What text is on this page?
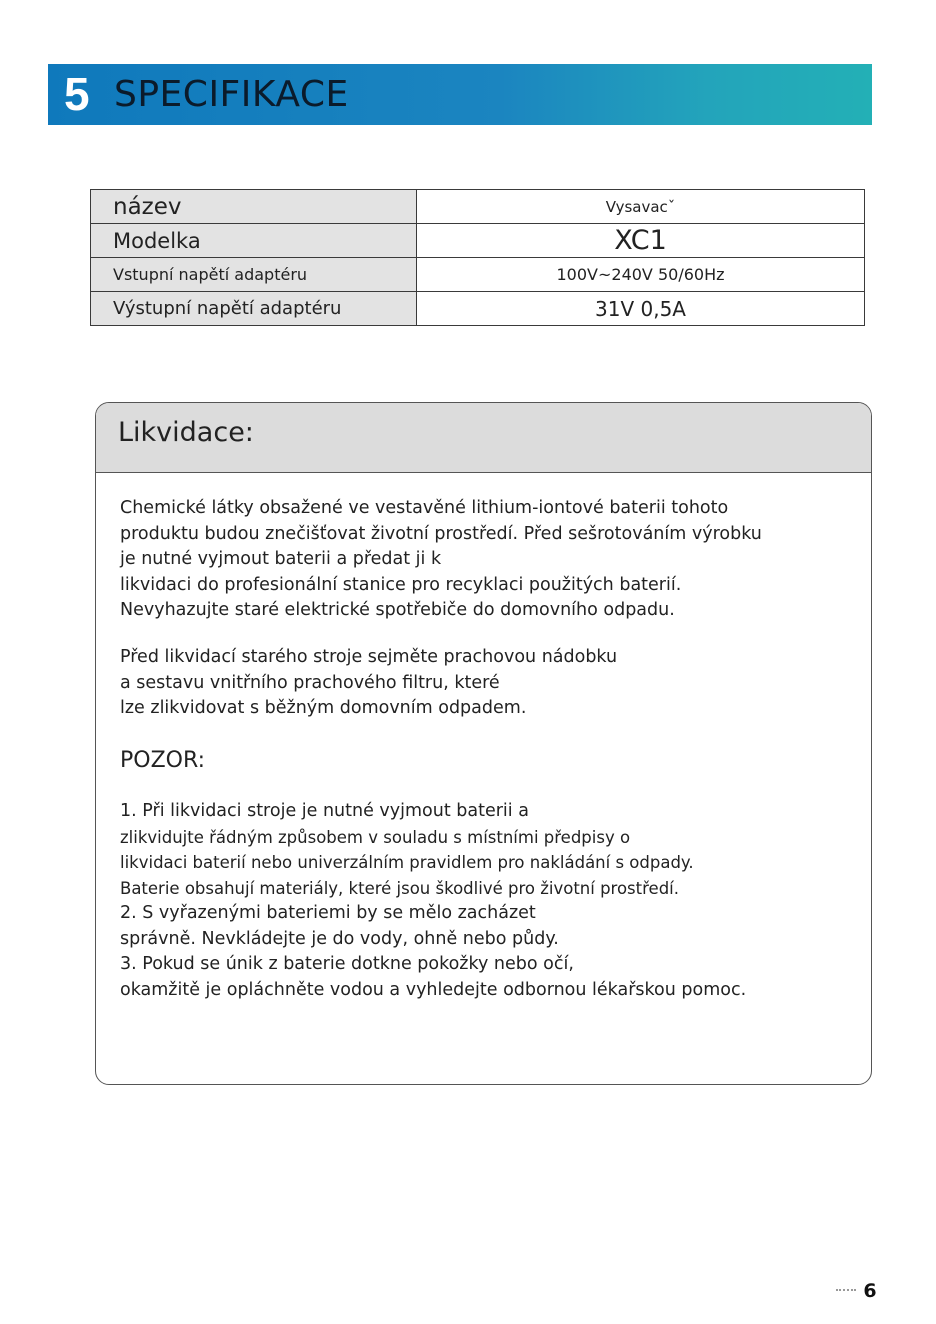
5 SPECIFIKACE
název	Vysavacˇ
Modelka	XC1
Vstupní napětí adaptéru	100V~240V 50/60Hz
Výstupní napětí adaptéru	31V 0,5A
Likvidace:
Chemické látky obsažené ve vestavěné lithium-iontové baterii tohoto
produktu budou znečišťovat životní prostředí. Před sešrotováním výrobku
je nutné vyjmout baterii a předat ji k
likvidaci do profesionální stanice pro recyklaci použitých baterií.
Nevyhazujte staré elektrické spotřebiče do domovního odpadu.
Před likvidací starého stroje sejměte prachovou nádobku
a sestavu vnitřního prachového filtru, které
lze zlikvidovat s běžným domovním odpadem.
POZOR:
1. Při likvidaci stroje je nutné vyjmout baterii a
zlikvidujte řádným způsobem v souladu s místními předpisy o
likvidaci baterií nebo univerzálním pravidlem pro nakládání s odpady.
Baterie obsahují materiály, které jsou škodlivé pro životní prostředí.
2. S vyřazenými bateriemi by se mělo zacházet
správně. Nevkládejte je do vody, ohně nebo půdy.
3. Pokud se únik z baterie dotkne pokožky nebo očí,
okamžitě je opláchněte vodou a vyhledejte odbornou lékařskou pomoc.
6
